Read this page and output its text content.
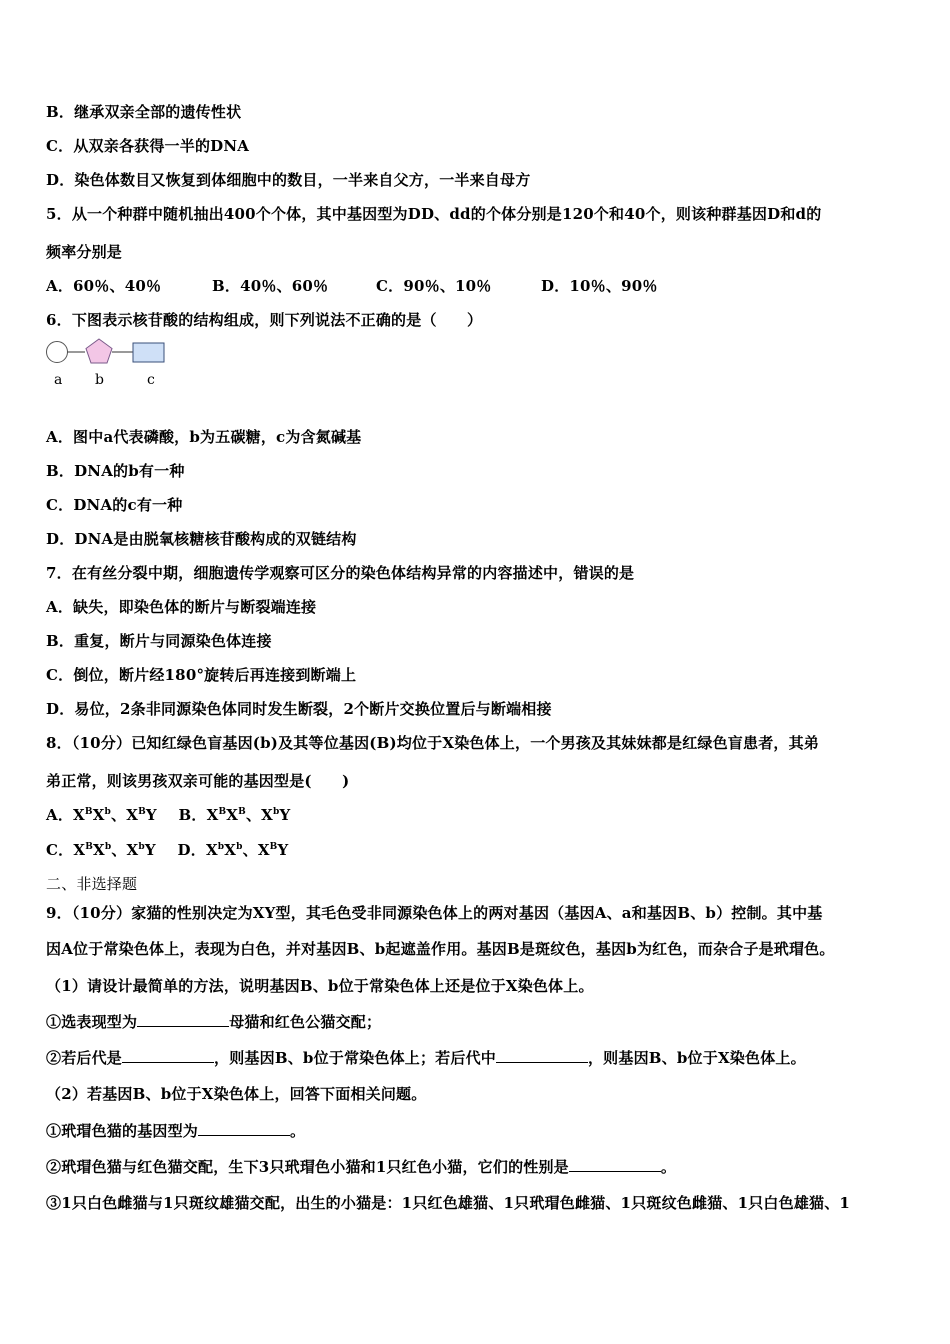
B．继承双亲全部的遗传性状
C．从双亲各获得一半的DNA
D．染色体数目又恢复到体细胞中的数目，一半来自父方，一半来自母方
5．从一个种群中随机抽出400个个体，其中基因型为DD、dd的个体分别是120个和40个，则该种群基因D和d的
频率分别是
A．60％、40％	B．40％、60％	C．90％、10％	D．10％、90％
6．下图表示核苷酸的结构组成，则下列说法不正确的是（　　）
a b	c
A．图中a代表磷酸，b为五碳糖，c为含氮碱基
B．DNA的b有一种
C．DNA的c有一种
D．DNA是由脱氧核糖核苷酸构成的双链结构
7．在有丝分裂中期，细胞遗传学观察可区分的染色体结构异常的内容描述中，错误的是
A．缺失，即染色体的断片与断裂端连接
B．重复，断片与同源染色体连接
C．倒位，断片经180°旋转后再连接到断端上
D．易位，2条非同源染色体同时发生断裂，2个断片交换位置后与断端相接
8．（10分）已知红绿色盲基因(b)及其等位基因(B)均位于X染色体上，一个男孩及其妹妹都是红绿色盲患者，其弟
弟正常，则该男孩双亲可能的基因型是(　　)
A．$X^BX^b$、$X^BY$ B．$X^BX^B$、$X^bY$
C．$X^BX^b$、$X^bY$ D．$X^bX^b$、$X^BY$
二、非选择题
9．（10分）家猫的性别决定为XY型，其毛色受非同源染色体上的两对基因（基因A、a和基因B、b）控制。其中基
因A位于常染色体上，表现为白色，并对基因B、b起遮盖作用。基因B是斑纹色，基因b为红色，而杂合子是玳瑁色。
（1）请设计最简单的方法，说明基因B、b位于常染色体上还是位于X染色体上。
①选表现型为	母猫和红色公猫交配；
②若后代是	，则基因B、b位于常染色体上；若后代中	，则基因B、b位于X染色体上。
（2）若基因B、b位于X染色体上，回答下面相关问题。
①玳瑁色猫的基因型为	。
②玳瑁色猫与红色猫交配，生下3只玳瑁色小猫和1只红色小猫，它们的性别是	。
③1只白色雌猫与1只斑纹雄猫交配，出生的小猫是：1只红色雄猫、1只玳瑁色雌猫、1只斑纹色雌猫、1只白色雄猫、1
